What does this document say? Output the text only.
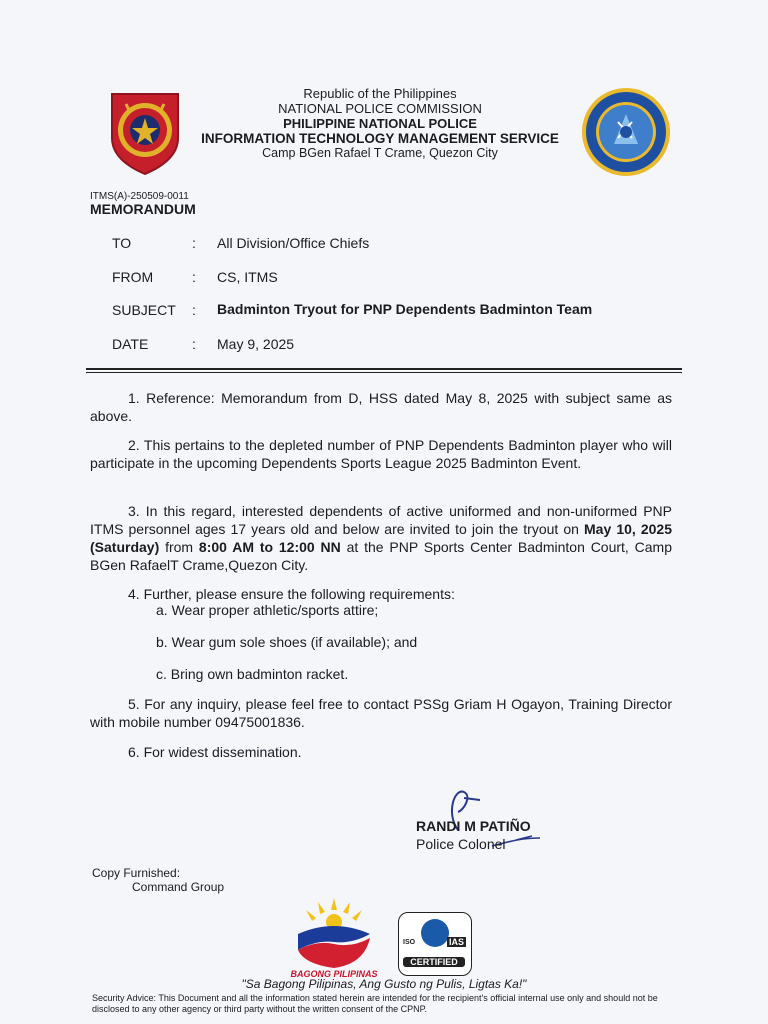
Republic of the Philippines
NATIONAL POLICE COMMISSION
PHILIPPINE NATIONAL POLICE
INFORMATION TECHNOLOGY MANAGEMENT SERVICE
Camp BGen Rafael T Crame, Quezon City
ITMS(A)-250509-0011
MEMORANDUM
TO	: All Division/Office Chiefs
FROM	: CS, ITMS
SUBJECT : Badminton Tryout for PNP Dependents Badminton Team
DATE	: May 9, 2025
1. Reference: Memorandum from D, HSS dated May 8, 2025 with subject same as above.
2. This pertains to the depleted number of PNP Dependents Badminton player who will participate in the upcoming Dependents Sports League 2025 Badminton Event.
3. In this regard, interested dependents of active uniformed and non-uniformed PNP ITMS personnel ages 17 years old and below are invited to join the tryout on May 10, 2025 (Saturday) from 8:00 AM to 12:00 NN at the PNP Sports Center Badminton Court, Camp BGen RafaelT Crame,Quezon City.
4. Further, please ensure the following requirements:
a. Wear proper athletic/sports attire;
b. Wear gum sole shoes (if available); and
c. Bring own badminton racket.
5. For any inquiry, please feel free to contact PSSg Griam H Ogayon, Training Director with mobile number 09475001836.
6. For widest dissemination.
RANDI M PATIÑO
Police Colonel
Copy Furnished:
Command Group
BAGONG PILIPINAS
ISO	IAS
CERTIFIED
"Sa Bagong Pilipinas, Ang Gusto ng Pulis, Ligtas Ka!"
Security Advice: This Document and all the information stated herein are intended for the recipient's official internal use only and should not be disclosed to any other agency or third party without the written consent of the CPNP.
